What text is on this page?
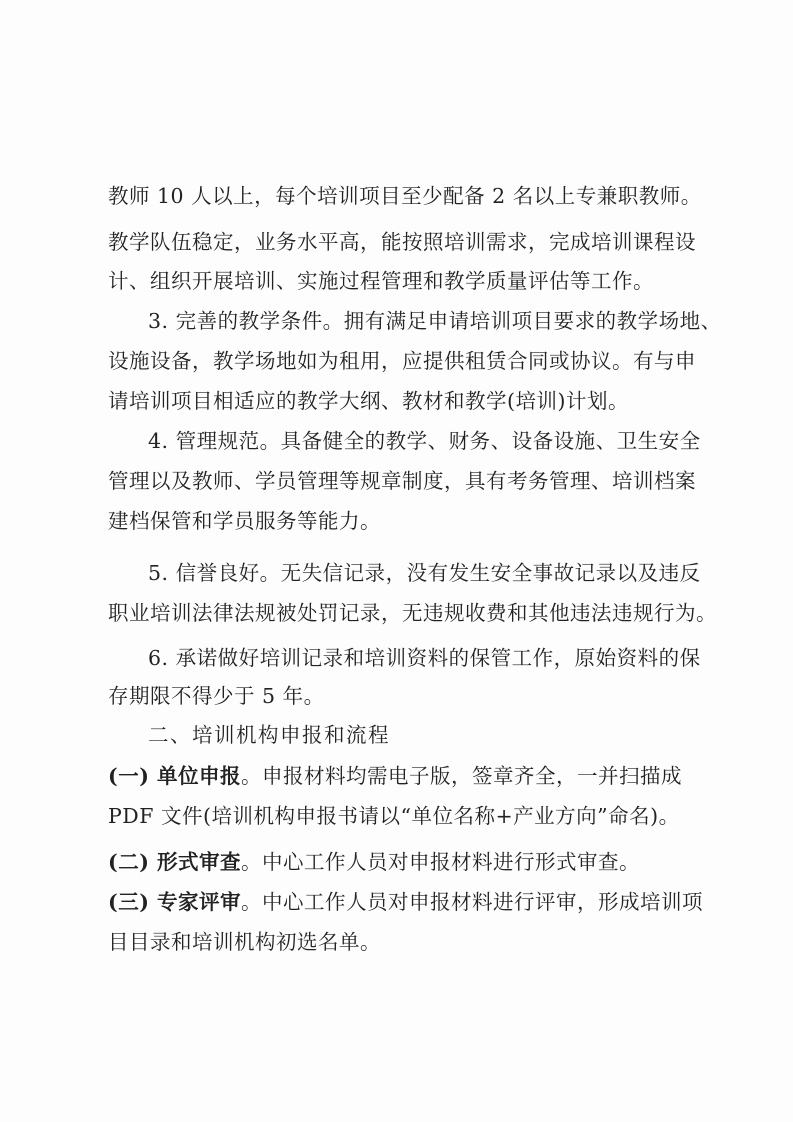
教师 10 人以上，每个培训项目至少配备 2 名以上专兼职教师。
教学队伍稳定，业务水平高，能按照培训需求，完成培训课程设
计、组织开展培训、实施过程管理和教学质量评估等工作。
3. 完善的教学条件。拥有满足申请培训项目要求的教学场地、
设施设备，教学场地如为租用，应提供租赁合同或协议。有与申
请培训项目相适应的教学大纲、教材和教学(培训)计划。
4. 管理规范。具备健全的教学、财务、设备设施、卫生安全
管理以及教师、学员管理等规章制度，具有考务管理、培训档案
建档保管和学员服务等能力。
5. 信誉良好。无失信记录，没有发生安全事故记录以及违反
职业培训法律法规被处罚记录，无违规收费和其他违法违规行为。
6. 承诺做好培训记录和培训资料的保管工作，原始资料的保
存期限不得少于 5 年。
二、培训机构申报和流程
(一) 单位申报。申报材料均需电子版，签章齐全，一并扫描成
PDF 文件(培训机构申报书请以“单位名称+产业方向”命名)。
(二) 形式审查。中心工作人员对申报材料进行形式审查。
(三) 专家评审。中心工作人员对申报材料进行评审，形成培训项
目目录和培训机构初选名单。
